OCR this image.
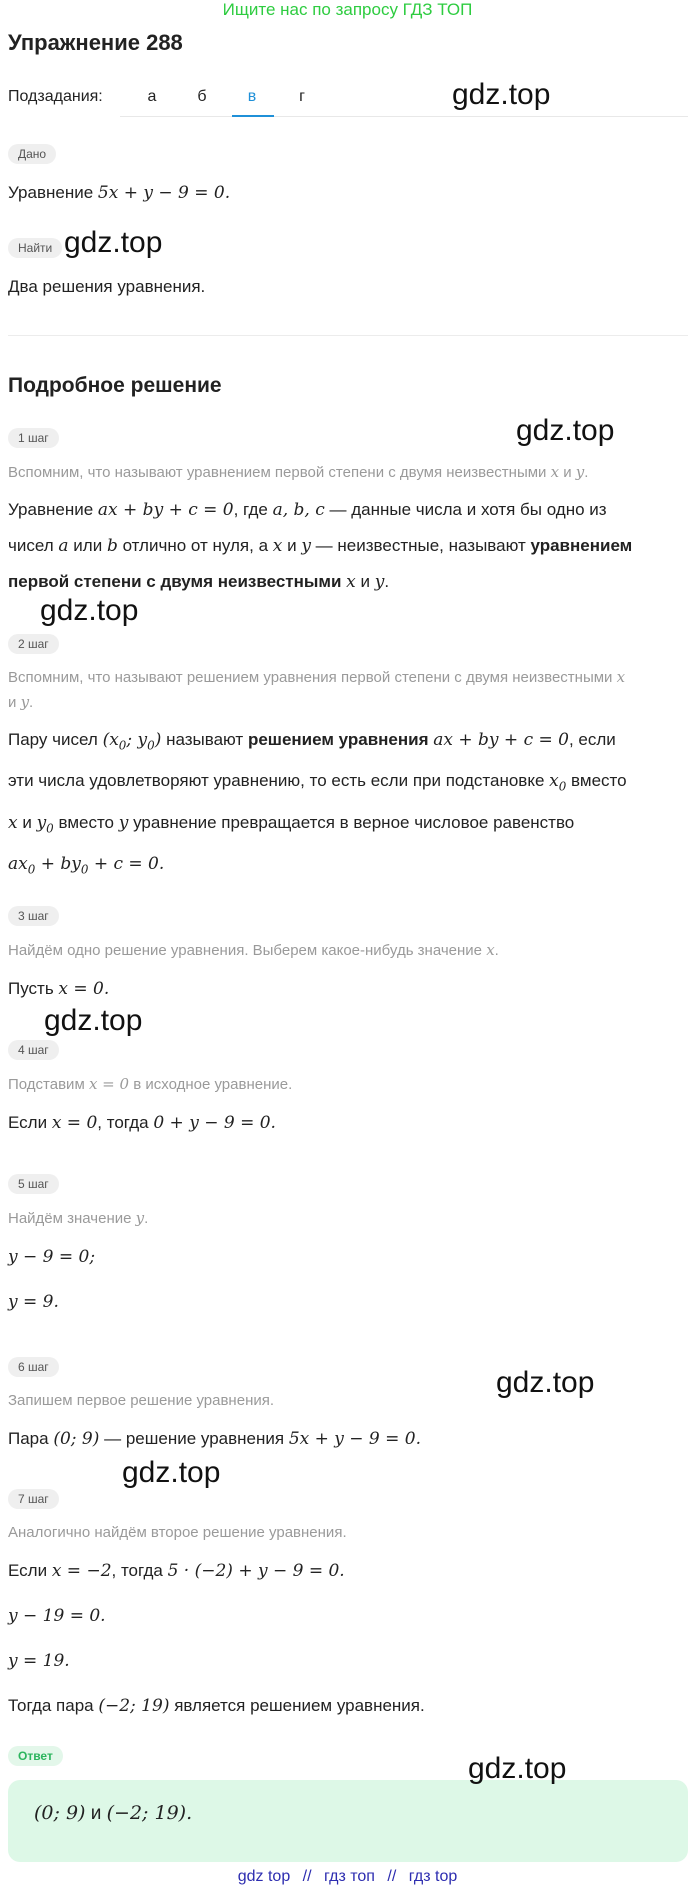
Ищите нас по запросу ГДЗ ТОП
Упражнение 288
Подзадания:	а	б	в	г
Дано
Уравнение 5x + y − 9 = 0.
Найти
Два решения уравнения.
Подробное решение
1 шаг
Вспомним, что называют уравнением первой степени с двумя неизвестными x и y.
Уравнение ax + by + c = 0, где a, b, c — данные числа и хотя бы одно из
чисел a или b отлично от нуля, а x и y — неизвестные, называют уравнением
первой степени с двумя неизвестными x и y.
2 шаг
Вспомним, что называют решением уравнения первой степени с двумя неизвестными x
и y.
Пару чисел ($x_0$; $y_0$) называют решением уравнения ax + by + c = 0, если
эти числа удовлетворяют уравнению, то есть если при подстановке $x_0$ вместо
x и $y_0$ вместо y уравнение превращается в верное числовое равенство
$ax_0 + by_0 + c = 0$.
3 шаг
Найдём одно решение уравнения. Выберем какое-нибудь значение x.
Пусть x = 0.
4 шаг
Подставим x = 0 в исходное уравнение.
Если x = 0, тогда 0 + y − 9 = 0.
5 шаг
Найдём значение y.
y − 9 = 0;
y = 9.
6 шаг
Запишем первое решение уравнения.
Пара (0; 9) — решение уравнения 5x + y − 9 = 0.
7 шаг
Аналогично найдём второе решение уравнения.
Если x = −2, тогда 5 · (−2) + y − 9 = 0.
y − 19 = 0.
y = 19.
Тогда пара (−2; 19) является решением уравнения.
Ответ
(0; 9) и (−2; 19).
gdz.top
gdz.top
gdz.top
gdz.top
gdz.top
gdz.top
gdz.top
gdz.top
gdz top // гдз топ // гдз top
